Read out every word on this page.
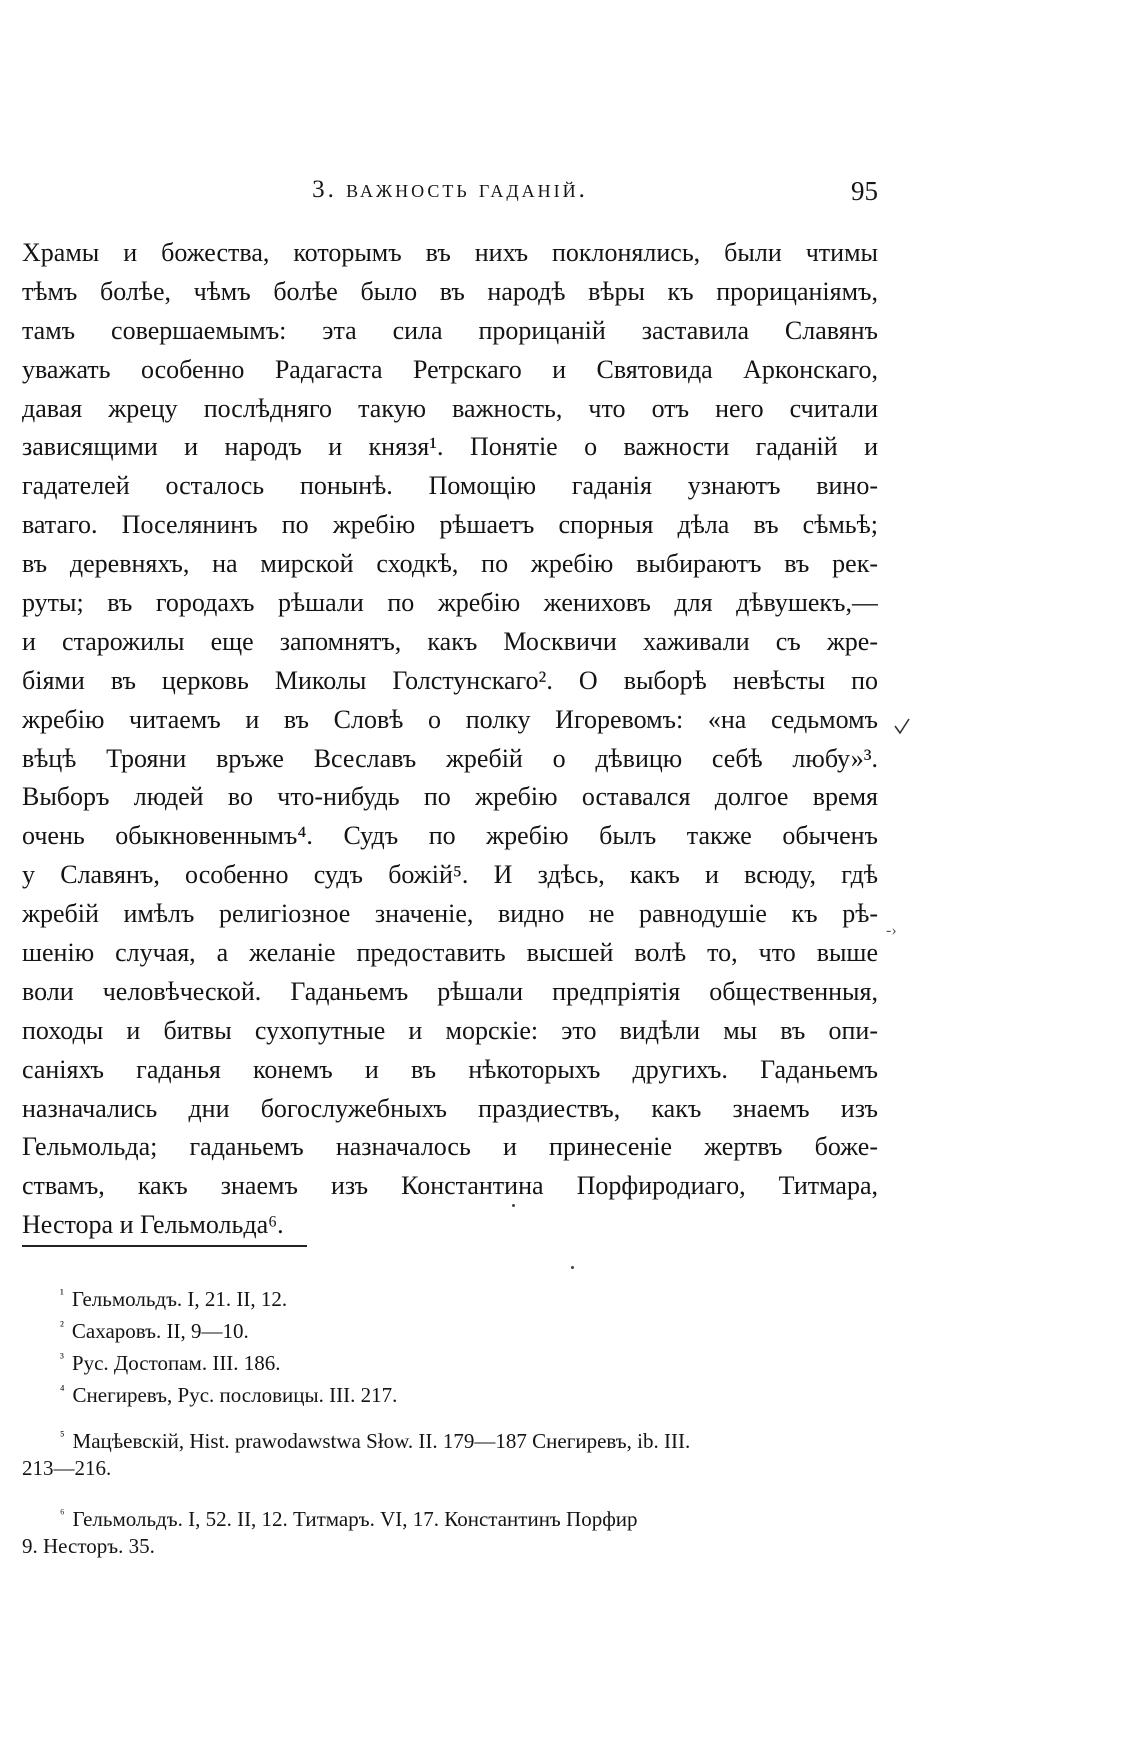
3. важность гаданій.	95
Храмы и божества, которымъ въ нихъ поклонялись, были чтимы
тѣмъ болѣе, чѣмъ болѣе было въ народѣ вѣры къ прорицаніямъ,
тамъ совершаемымъ: эта сила прорицаній заставила Славянъ
уважать особенно Радагаста Ретрскаго и Святовида Арконскаго,
давая жрецу послѣдняго такую важность, что отъ него считали
зависящими и народъ и князя¹. Понятіе о важности гаданій и
гадателей осталось понынѣ. Помощію гаданія узнаютъ вино-
ватаго. Поселянинъ по жребію рѣшаетъ спорныя дѣла въ сѣмьѣ;
въ деревняхъ, на мирской сходкѣ, по жребію выбираютъ въ рек-
руты; въ городахъ рѣшали по жребію жениховъ для дѣвушекъ,—
и старожилы еще запомнятъ, какъ Москвичи хаживали съ жре-
біями въ церковь Миколы Голстунскаго². О выборѣ невѣсты по
жребію читаемъ и въ Словѣ о полку Игоревомъ: «на седьмомъ
вѣцѣ Трояни връже Всеславъ жребій о дѣвицю себѣ любу»³.
Выборъ людей во что-нибудь по жребію оставался долгое время
очень обыкновеннымъ⁴. Судъ по жребію былъ также обыченъ
у Славянъ, особенно судъ божій⁵. И здѣсь, какъ и всюду, гдѣ
жребій имѣлъ религіозное значеніе, видно не равнодушіе къ рѣ-
шенію случая, а желаніе предоставить высшей волѣ то, что выше
воли человѣческой. Гаданьемъ рѣшали предпріятія общественныя,
походы и битвы сухопутные и морскіе: это видѣли мы въ опи-
саніяхъ гаданья конемъ и въ нѣкоторыхъ другихъ. Гаданьемъ
назначались дни богослужебныхъ праздиествъ, какъ знаемъ изъ
Гельмольда; гаданьемъ назначалось и принесеніе жертвъ боже-
ствамъ, какъ знаемъ изъ Константина Порфиродиаго, Титмара,
Нестора и Гельмольда⁶.
-›
$^{^1}$ Гельмольдъ. I, 21. II, 12.
$^{^2}$ Сахаровъ. II, 9—10.
$^{^3}$ Рус. Достопам. III. 186.
$^{^4}$ Снегиревъ, Рус. пословицы. III. 217.
$^{^5}$ Мацѣевскій, Hist. prawodawstwa Słow. II. 179—187 Снегиревъ, ib. III.
213—216.
$^{^6}$ Гельмольдъ. I, 52. II, 12. Титмаръ. VI, 17. Константинъ Порфир
9. Несторъ. 35.
